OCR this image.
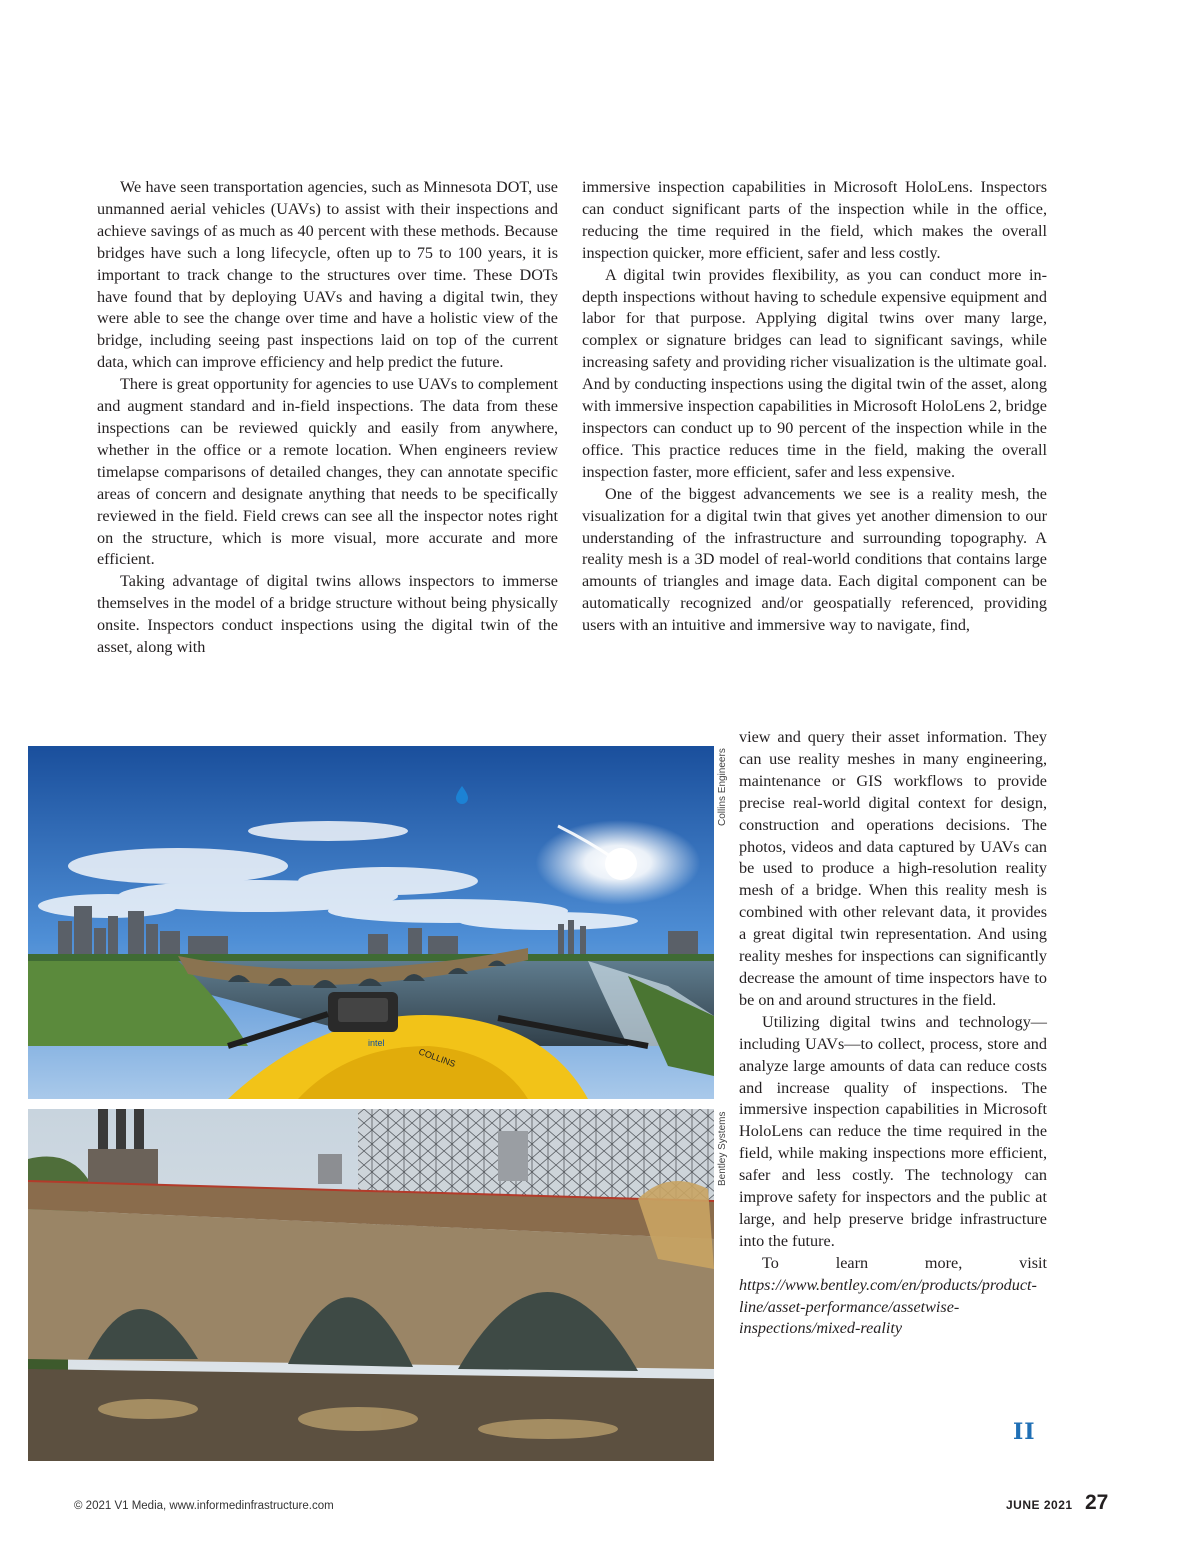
We have seen transportation agencies, such as Minnesota DOT, use unmanned aerial vehicles (UAVs) to assist with their inspections and achieve savings of as much as 40 percent with these methods. Because bridges have such a long lifecycle, often up to 75 to 100 years, it is important to track change to the structures over time. These DOTs have found that by deploying UAVs and having a digital twin, they were able to see the change over time and have a holistic view of the bridge, including seeing past inspections laid on top of the current data, which can improve efficiency and help predict the future.

There is great opportunity for agencies to use UAVs to complement and augment standard and in-field inspections. The data from these inspections can be reviewed quickly and easily from anywhere, whether in the office or a remote location. When engineers review timelapse comparisons of detailed changes, they can annotate specific areas of concern and designate anything that needs to be specifically reviewed in the field. Field crews can see all the inspector notes right on the structure, which is more visual, more accurate and more efficient.

Taking advantage of digital twins allows inspectors to immerse themselves in the model of a bridge structure without being physically onsite. Inspectors conduct inspections using the digital twin of the asset, along with

immersive inspection capabilities in Microsoft HoloLens. Inspectors can conduct significant parts of the inspection while in the office, reducing the time required in the field, which makes the overall inspection quicker, more efficient, safer and less costly.

A digital twin provides flexibility, as you can conduct more in-depth inspections without having to schedule expensive equipment and labor for that purpose. Applying digital twins over many large, complex or signature bridges can lead to significant savings, while increasing safety and providing richer visualization is the ultimate goal. And by conducting inspections using the digital twin of the asset, along with immersive inspection capabilities in Microsoft HoloLens 2, bridge inspectors can conduct up to 90 percent of the inspection while in the office. This practice reduces time in the field, making the overall inspection faster, more efficient, safer and less expensive.

One of the biggest advancements we see is a reality mesh, the visualization for a digital twin that gives yet another dimension to our understanding of the infrastructure and surrounding topography. A reality mesh is a 3D model of real-world conditions that contains large amounts of triangles and image data. Each digital component can be automatically recognized and/or geospatially referenced, providing users with an intuitive and immersive way to navigate, find,

view and query their asset information. They can use reality meshes in many engineering, maintenance or GIS workflows to provide precise real-world digital context for design, construction and operations decisions. The photos, videos and data captured by UAVs can be used to produce a high-resolution reality mesh of a bridge. When this reality mesh is combined with other relevant data, it provides a great digital twin representation. And using reality meshes for inspections can significantly decrease the amount of time inspectors have to be on and around structures in the field.

Utilizing digital twins and technology—including UAVs—to collect, process, store and analyze large amounts of data can reduce costs and increase quality of inspections. The immersive inspection capabilities in Microsoft HoloLens can reduce the time required in the field, while making inspections more efficient, safer and less costly. The technology can improve safety for inspectors and the public at large, and help preserve bridge infrastructure into the future.

To learn more, visit https://www.bentley.com/en/products/product-line/asset-performance/assetwise-inspections/mixed-reality

intel
COLLINS
Collins Engineers
Bentley Systems
II
© 2021 V1 Media, www.informedinfrastructure.com	JUNE 2021 27
